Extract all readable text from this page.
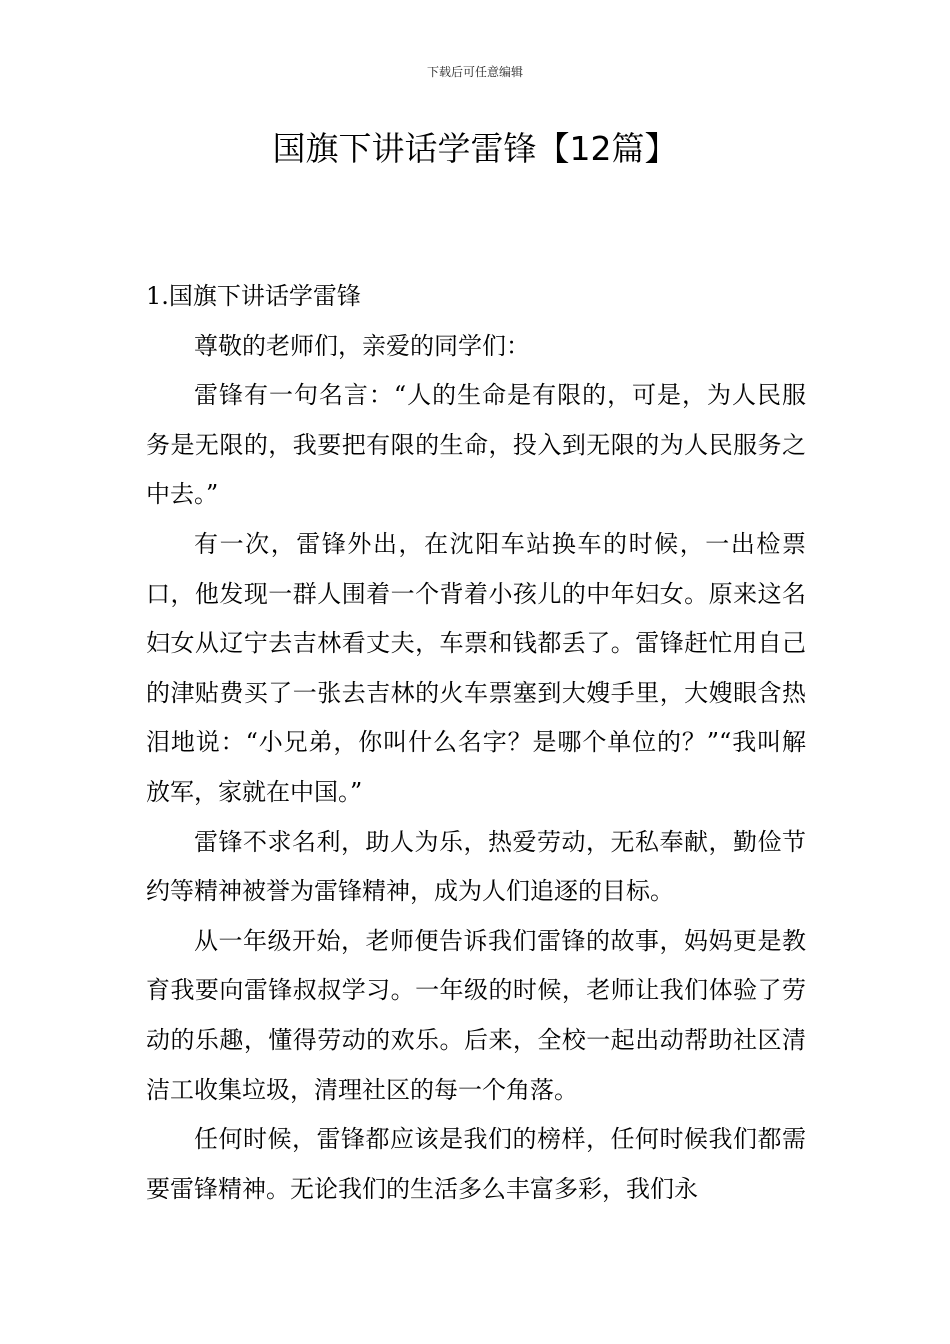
下载后可任意编辑
国旗下讲话学雷锋【12篇】

1.国旗下讲话学雷锋

尊敬的老师们，亲爱的同学们：

雷锋有一句名言：“人的生命是有限的，可是，为人民服务是无限的，我要把有限的生命，投入到无限的为人民服务之中去。”

有一次，雷锋外出，在沈阳车站换车的时候，一出检票口，他发现一群人围着一个背着小孩儿的中年妇女。原来这名妇女从辽宁去吉林看丈夫，车票和钱都丢了。雷锋赶忙用自己的津贴费买了一张去吉林的火车票塞到大嫂手里，大嫂眼含热泪地说：“小兄弟，你叫什么名字？是哪个单位的？”“我叫解放军，家就在中国。”

雷锋不求名利，助人为乐，热爱劳动，无私奉献，勤俭节约等精神被誉为雷锋精神，成为人们追逐的目标。

从一年级开始，老师便告诉我们雷锋的故事，妈妈更是教育我要向雷锋叔叔学习。一年级的时候，老师让我们体验了劳动的乐趣，懂得劳动的欢乐。后来，全校一起出动帮助社区清洁工收集垃圾，清理社区的每一个角落。

任何时候，雷锋都应该是我们的榜样，任何时候我们都需要雷锋精神。无论我们的生活多么丰富多彩，我们永
